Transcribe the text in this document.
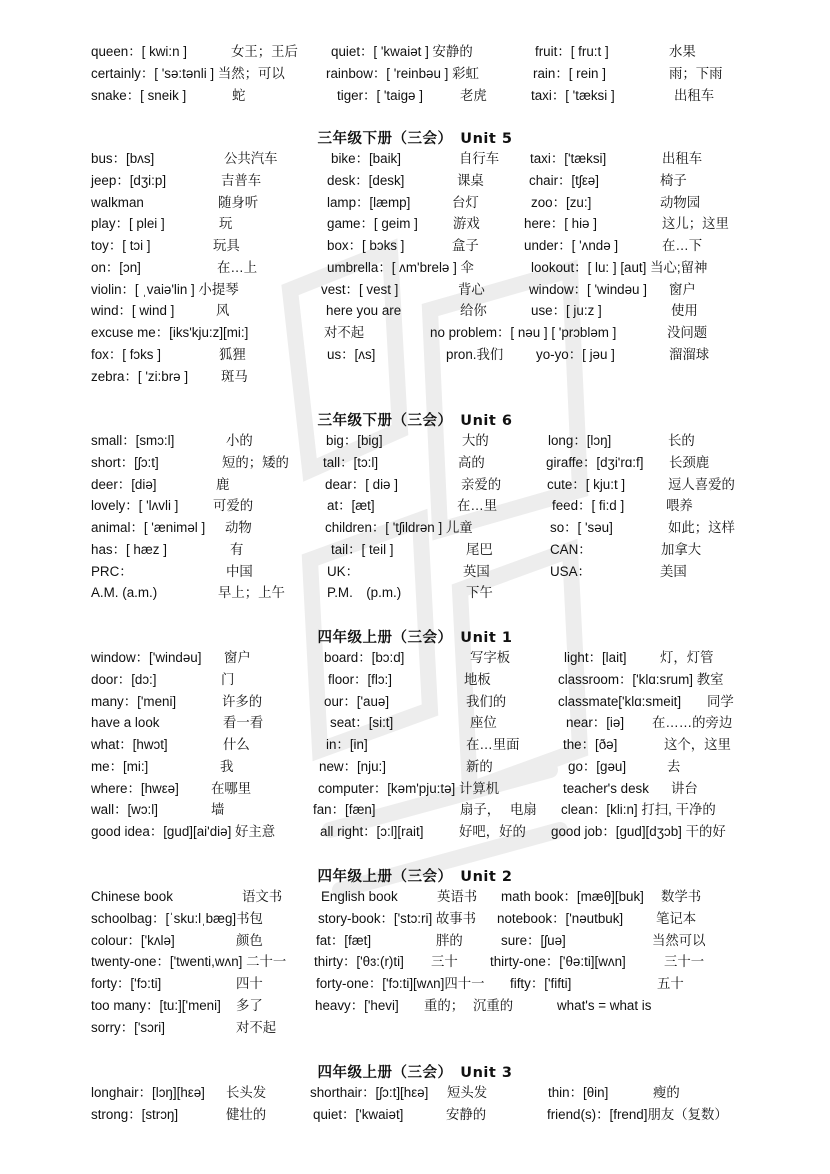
queen：[ kwi:n ]	女王；王后 quiet：[ 'kwaiət ] 安静的	fruit：[ fru:t ]	水果
certainly：[ 'sə:tənli ] 当然；可以	rainbow：[ 'reinbəu ] 彩虹	rain：[ rein ]	雨；下雨
snake：[ sneik ]	蛇	tiger：[ 'taigə ]	老虎	taxi：[ 'tæksi ]	出租车
三年级下册（三会）　Unit 5
bus：[bʌs]	公共汽车	bike：[baik]	自行车 taxi：['tæksi]	出租车
jeep：[dʒi:p]	吉普车	desk：[desk]	课桌	chair：[tʃεə]	椅子
walkman	随身听	lamp：[læmp]	台灯	zoo：[zu:]	动物园
play：[ plei ]	玩	game：[ geim ]	游戏	here：[ hiə ]	这儿；这里
toy：[ tɔi ]	玩具	box：[ bɔks ]	盒子	under：[ 'ʌndə ]	在…下
on：[ɔn]	在…上	umbrella：[ ʌm'brelə ] 伞	lookout：[ lu: ] [aut] 当心;留神
violin：[ ˌvaiə'lin ] 小提琴	vest：[ vest ]	背心	window：[ 'windəu ] 窗户
wind：[ wind ]	风	here you are	给你	use：[ ju:z ]	使用
excuse me：[iks'kju:z][mi:]	对不起	no problem：[ nəu ] [ 'prɔbləm ]	没问题
fox：[ fɔks ]	狐狸	us：[ʌs]	pron.我们 yo-yo：[ jəu ]	溜溜球
zebra：[ 'zi:brə ] 斑马
三年级下册（三会）　Unit 6
small：[smɔ:l]	小的	big：[big]	大的	long：[lɔŋ]	长的
short：[ʃɔ:t]	短的；矮的	tall：[tɔ:l]	高的	giraffe：[dʒi'rɑ:f] 长颈鹿
deer：[diə]	鹿	dear：[ diə ]	亲爱的	cute：[ kju:t ]	逗人喜爱的
lovely：[ 'lʌvli ]	可爱的	at：[æt]	在…里	feed：[ fi:d ]	喂养
animal：[ 'æniməl ] 动物	children：[ 'tʃildrən ] 儿童	so：[ 'səu]	如此；这样
has：[ hæz ]	有	tail：[ teil ]	尾巴	CAN：	加拿大
PRC：	中国	UK：	英国	USA：	美国
A.M. (a.m.)	早上；上午	P.M.　(p.m.)	下午
四年级上册（三会）　Unit 1
window：['windəu] 窗户	board：[bɔ:d]	写字板	light：[lait] 灯，灯管
door：[dɔ:]	门	floor：[flɔ:]	地板	classroom：['klɑ:srum] 教室
many：['meni]	许多的	our：['auə]	我们的	classmate['klɑ:smeit] 同学
have a look	看一看	seat：[si:t]	座位	near：[iə] 在……的旁边
what：[hwɔt]	什么	in：[in]	在…里面	the：[ðə]	这个，这里
me：[mi:]	我	new：[nju:]	新的	go：[gəu]	去
where：[hwεə] 在哪里	computer：[kəm'pju:tə] 计算机	teacher's desk 讲台
wall：[wɔ:l]	墙	fan：[fæn]	扇子， 电扇 clean：[kli:n] 打扫, 干净的
good idea：[gud][ai'diə] 好主意	all right：[ɔ:l][rait]	好吧，好的 good job：[gud][dʒɔb] 干的好
四年级上册（三会）　Unit 2
Chinese book	语文书	English book	英语书 math book：[mæθ][buk] 数学书
schoolbag：[ˈsku:lˌbæg]书包	story-book：['stɔ:ri] 故事书 notebook：['nəutbuk] 笔记本
colour：['kʌlə]	颜色	fat：[fæt]	胖的	sure：[ʃuə]	当然可以
twenty-one：['twenti,wʌn] 二十一 thirty：['θɜ:(r)ti] 三十 thirty-one：['θə:ti][wʌn]	三十一
forty：['fɔ:ti]	四十	forty-one：['fɔ:ti][wʌn]四十一 fifty：['fifti]	五十
too many：[tu:]['meni] 多了	heavy：['hevi] 重的； 沉重的	what's = what is
sorry：['sɔri]	对不起
四年级上册（三会）　Unit 3
longhair：[lɔŋ][hεə] 长头发	shorthair：[ʃɔ:t][hεə] 短头发	thin：[θin]	瘦的
strong：[strɔŋ]	健壮的	quiet：['kwaiət]	安静的	friend(s)：[frend]朋友（复数）
